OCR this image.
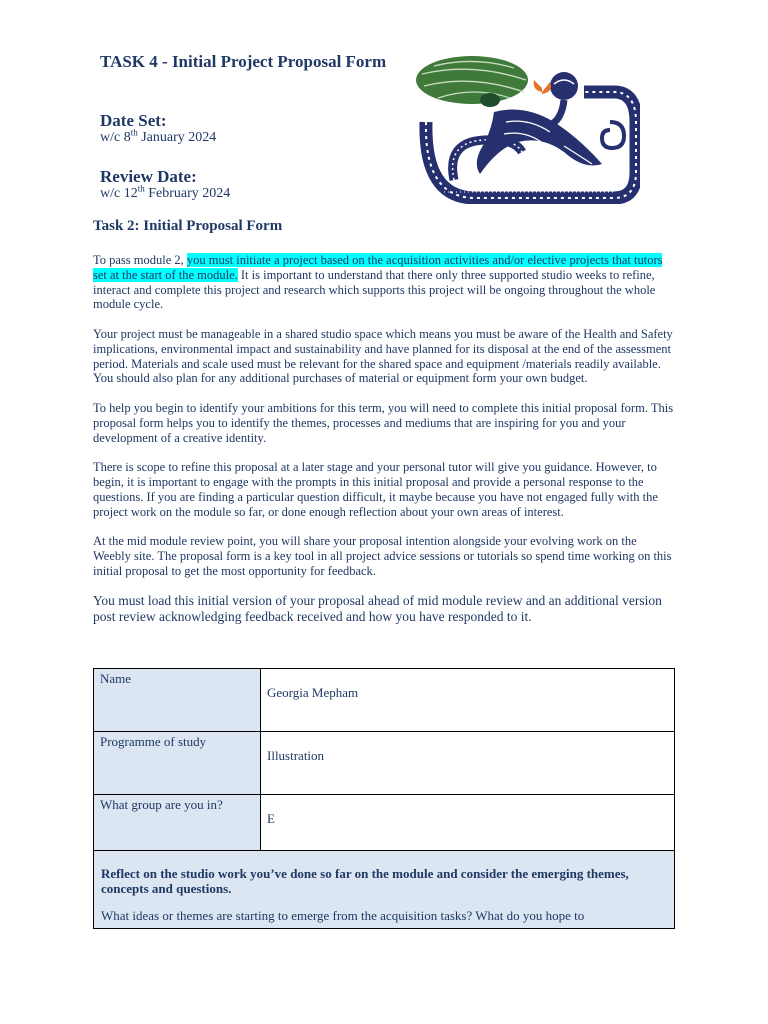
TASK 4 - Initial Project Proposal Form
Date Set:
w/c 8th January 2024
Review Date:
w/c 12th February 2024
Task 2: Initial Proposal Form

To pass module 2, you must initiate a project based on the acquisition activities and/or elective projects that tutors set at the start of the module. It is important to understand that there only three supported studio weeks to refine, interact and complete this project and research which supports this project will be ongoing throughout the whole module cycle.

Your project must be manageable in a shared studio space which means you must be aware of the Health and Safety implications, environmental impact and sustainability and have planned for its disposal at the end of the assessment period. Materials and scale used must be relevant for the shared space and equipment /materials readily available. You should also plan for any additional purchases of material or equipment form your own budget.

To help you begin to identify your ambitions for this term, you will need to complete this initial proposal form. This proposal form helps you to identify the themes, processes and mediums that are inspiring for you and your development of a creative identity.

There is scope to refine this proposal at a later stage and your personal tutor will give you guidance. However, to begin, it is important to engage with the prompts in this initial proposal and provide a personal response to the questions. If you are finding a particular question difficult, it maybe because you have not engaged fully with the project work on the module so far, or done enough reflection about your own areas of interest.

At the mid module review point, you will share your proposal intention alongside your evolving work on the Weebly site. The proposal form is a key tool in all project advice sessions or tutorials so spend time working on this initial proposal to get the most opportunity for feedback.

You must load this initial version of your proposal ahead of mid module review and an additional version post review acknowledging feedback received and how you have responded to it.

Name	Georgia Mepham
Programme of study	Illustration
What group are you in?	E
Reflect on the studio work you’ve done so far on the module and consider the emerging themes, concepts and questions.
What ideas or themes are starting to emerge from the acquisition tasks? What do you hope to
